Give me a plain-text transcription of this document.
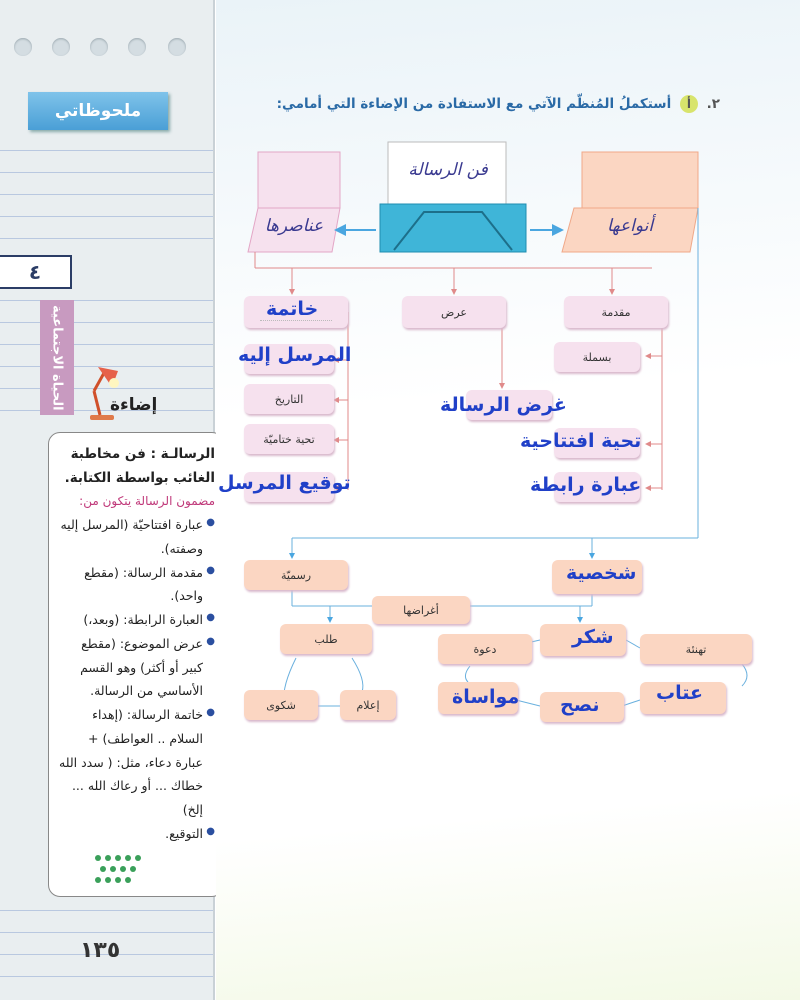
ملحوظاتي
٤
الحياة الاجتماعية	إضاءة
الرسالـة : فن مخاطبة الغائب بواسطة الكتابة.
مضمون الرسالة يتكون من:
● عبارة افتتاحيّة (المرسل إليه وصفته).
● مقدمة الرسالة: (مقطع واحد).
● العبارة الرابطة: (وبعد،)
● عرض الموضوع: (مقطع كبير أو أكثر) وهو القسم الأساسي من الرسالة.
● خاتمة الرسالة: (إهداء السلام .. العواطف) + عبارة دعاء، مثل: ( سدد الله خطاك ... أو رعاك الله ... إلخ)
● التوقيع.
١٣٥
٢. أ أستكملُ المُنظّم الآتي مع الاستفادة من الإضاءة التي أمامي:
فن الرسالة
أنواعها
عناصرها
خاتمة	عرض	مقدمة
المرسل إليه
التاريخ
تحية ختاميّة
توقيع المرسل
غرض الرسالة
بسملة
تحية افتتاحية
عبارة رابطة
رسميّة	شخصية
أغراضها
طلب
شكوى	إعلام
دعوة
شكر
تهنئة
مواساة نصح
عتاب
